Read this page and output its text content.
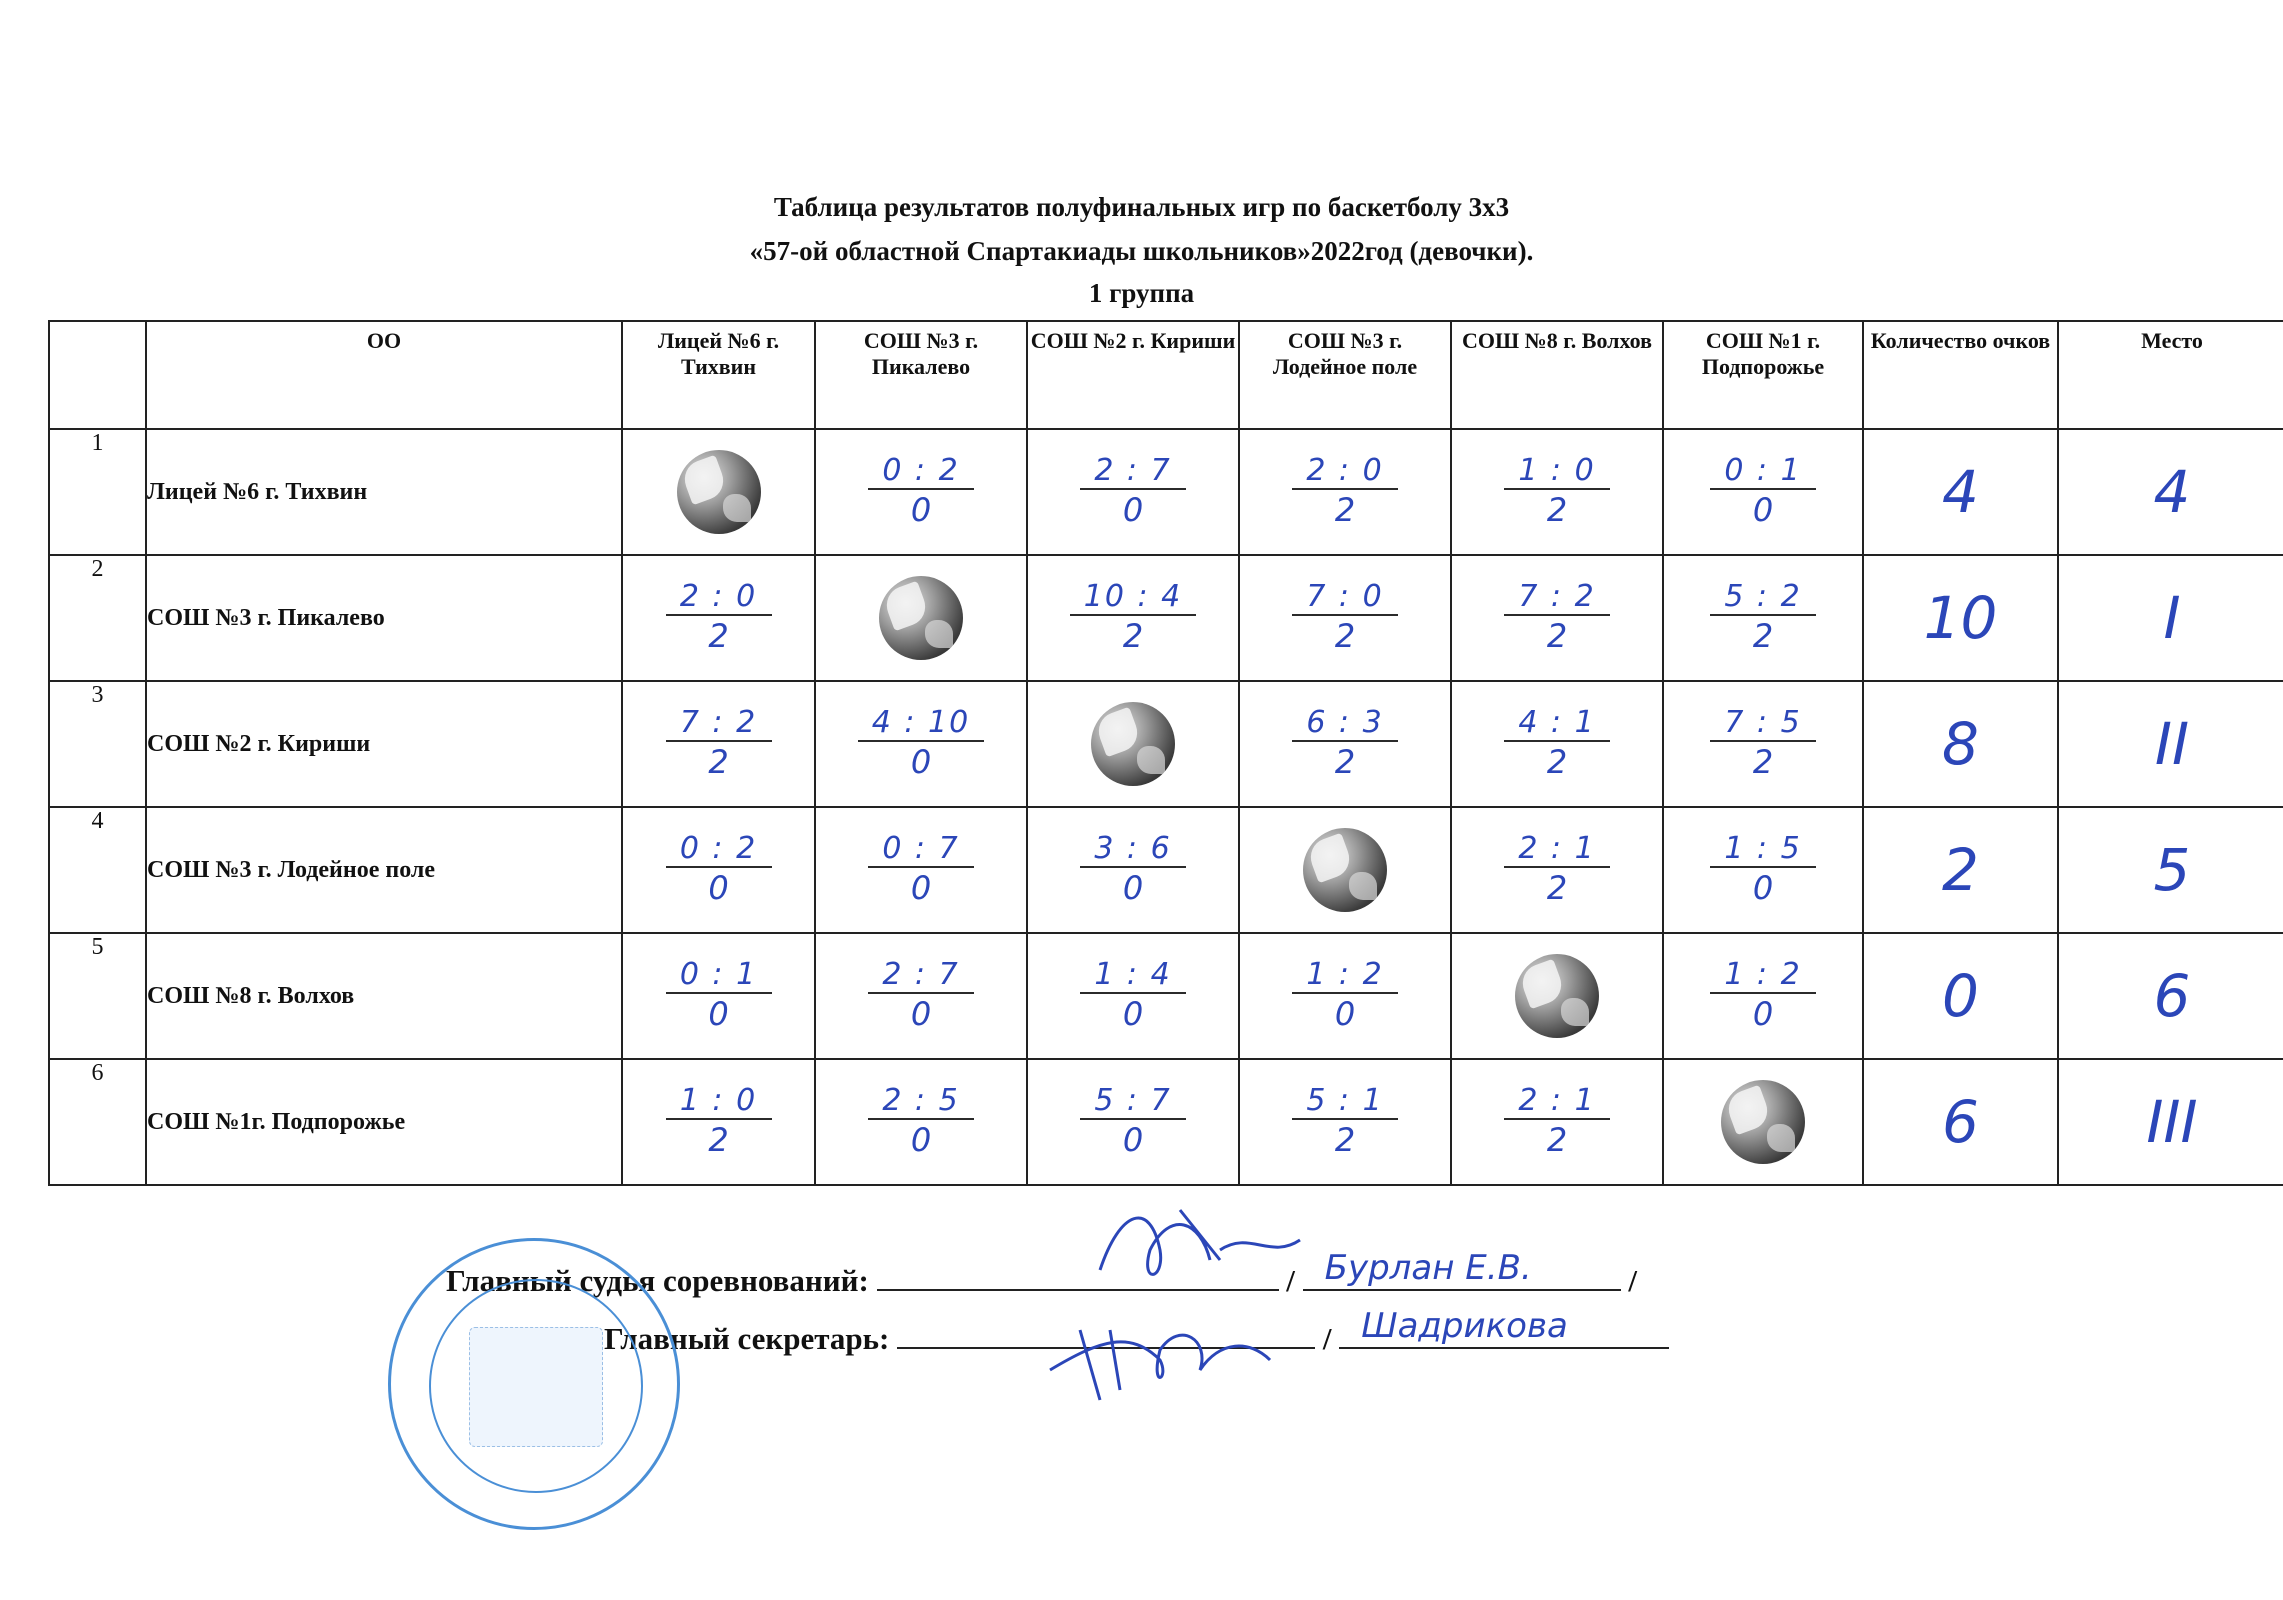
Таблица результатов полуфинальных игр по баскетболу 3х3
«57-ой областной Спартакиады школьников»2022год (девочки).
1 группа
	ОО	Лицей №6 г. Тихвин	СОШ №3 г. Пикалево	СОШ №2 г. Кириши	СОШ №3 г. Лодейное поле	СОШ №8 г. Волхов	СОШ №1 г. Подпорожье	Количество очков	Место
1	Лицей №6 г. Тихвин		$\frac{0 : 2}{0}$	$\frac{2 : 7}{0}$	$\frac{2 : 0}{2}$	$\frac{1 : 0}{2}$	$\frac{0 : 1}{0}$	4	4
2	СОШ №3 г. Пикалево	$\frac{2 : 0}{2}$		$\frac{10 : 4}{2}$	$\frac{7 : 0}{2}$	$\frac{7 : 2}{2}$	$\frac{5 : 2}{2}$	10	I
3	СОШ №2 г. Кириши	$\frac{7 : 2}{2}$	$\frac{4 : 10}{0}$		$\frac{6 : 3}{2}$	$\frac{4 : 1}{2}$	$\frac{7 : 5}{2}$	8	II
4	СОШ №3 г. Лодейное поле	$\frac{0 : 2}{0}$	$\frac{0 : 7}{0}$	$\frac{3 : 6}{0}$		$\frac{2 : 1}{2}$	$\frac{1 : 5}{0}$	2	5
5	СОШ №8 г. Волхов	$\frac{0 : 1}{0}$	$\frac{2 : 7}{0}$	$\frac{1 : 4}{0}$	$\frac{1 : 2}{0}$		$\frac{1 : 2}{0}$	0	6
6	СОШ №1г. Подпорожье	$\frac{1 : 0}{2}$	$\frac{2 : 5}{0}$	$\frac{5 : 7}{0}$	$\frac{5 : 1}{2}$	$\frac{2 : 1}{2}$		6	III
Главный судья соревнований:	/ Бурлан Е.В.	/
Главный секретарь:	/ Шадрикова
